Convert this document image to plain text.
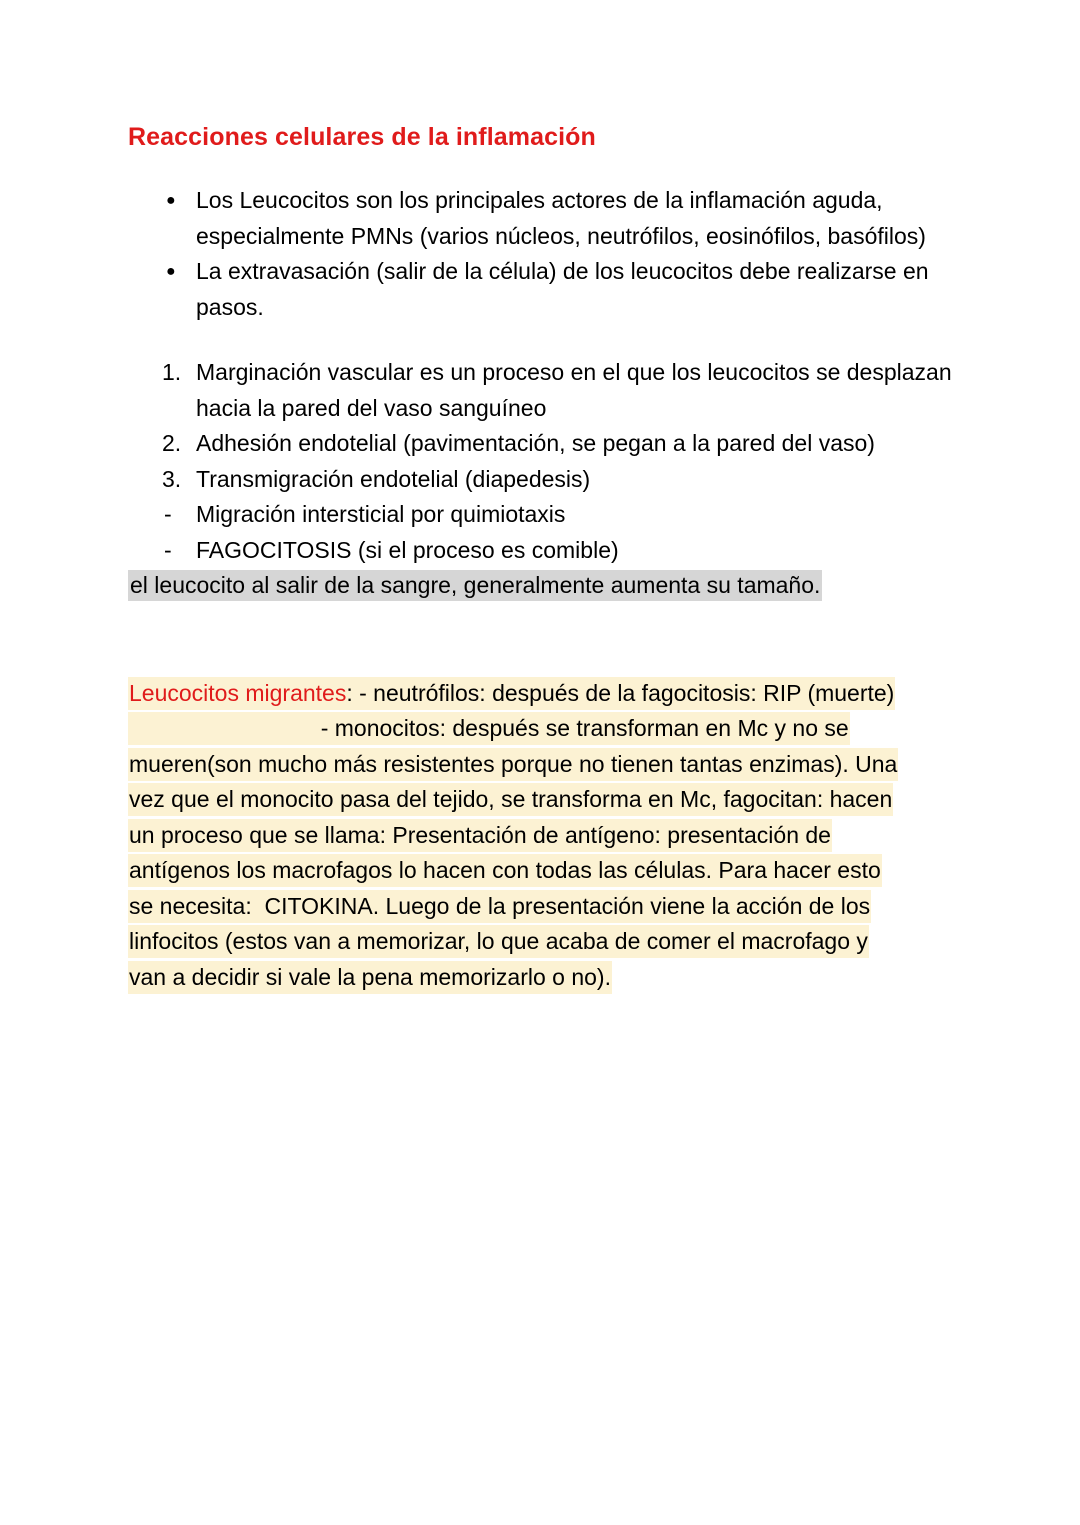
Reacciones celulares de la inflamación
● Los Leucocitos son los principales actores de la inflamación aguda, especialmente PMNs (varios núcleos, neutrófilos, eosinófilos, basófilos)
● La extravasación (salir de la célula) de los leucocitos debe realizarse en pasos.
1. Marginación vascular es un proceso en el que los leucocitos se desplazan hacia la pared del vaso sanguíneo
2. Adhesión endotelial (pavimentación, se pegan a la pared del vaso)
3. Transmigración endotelial (diapedesis)
-	Migración intersticial por quimiotaxis
-	FAGOCITOSIS (si el proceso es comible)

el leucocito al salir de la sangre, generalmente aumenta su tamaño.

Leucocitos migrantes: - neutrófilos: después de la fagocitosis: RIP (muerte)

- monocitos: después se transforman en Mc y no se

mueren(son mucho más resistentes porque no tienen tantas enzimas). Una

vez que el monocito pasa del tejido, se transforma en Mc, fagocitan: hacen

un proceso que se llama: Presentación de antígeno: presentación de

antígenos los macrofagos lo hacen con todas las células. Para hacer esto

se necesita:  CITOKINA. Luego de la presentación viene la acción de los

linfocitos (estos van a memorizar, lo que acaba de comer el macrofago y

van a decidir si vale la pena memorizarlo o no).
